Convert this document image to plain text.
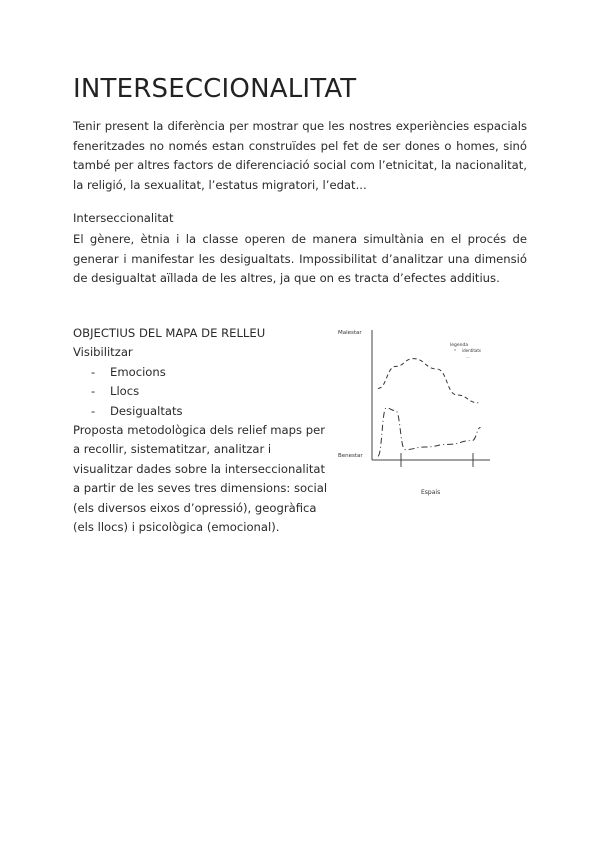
INTERSECCIONALITAT

Tenir present la diferència per mostrar que les nostres experiències espacials feneritzades no només estan construïdes pel fet de ser dones o homes, sinó també per altres factors de diferenciació social com l’etnicitat, la nacionalitat, la religió, la sexualitat, l’estatus migratori, l’edat...

Interseccionalitat

El gènere, ètnia i la classe operen de manera simultània en el procés de generar i manifestar les desigualtats. Impossibilitat d’analitzar una dimensió de desigualtat aïllada de les altres, ja que on es tracta d’efectes additius.

OBJECTIUS DEL MAPA DE RELLEU

Visibilitzar

- Emocions
- Llocs
- Desigualtats

Proposta metodològica dels relief maps per a recollir, sistematitzar, analitzar i visualitzar dades sobre la interseccionalitat a partir de les seves tres dimensions: social (els diversos eixos d’opressió), geogràfica (els llocs) i psicològica (emocional).

Malestar
Benestar
Espais
legenda
identitats
...
